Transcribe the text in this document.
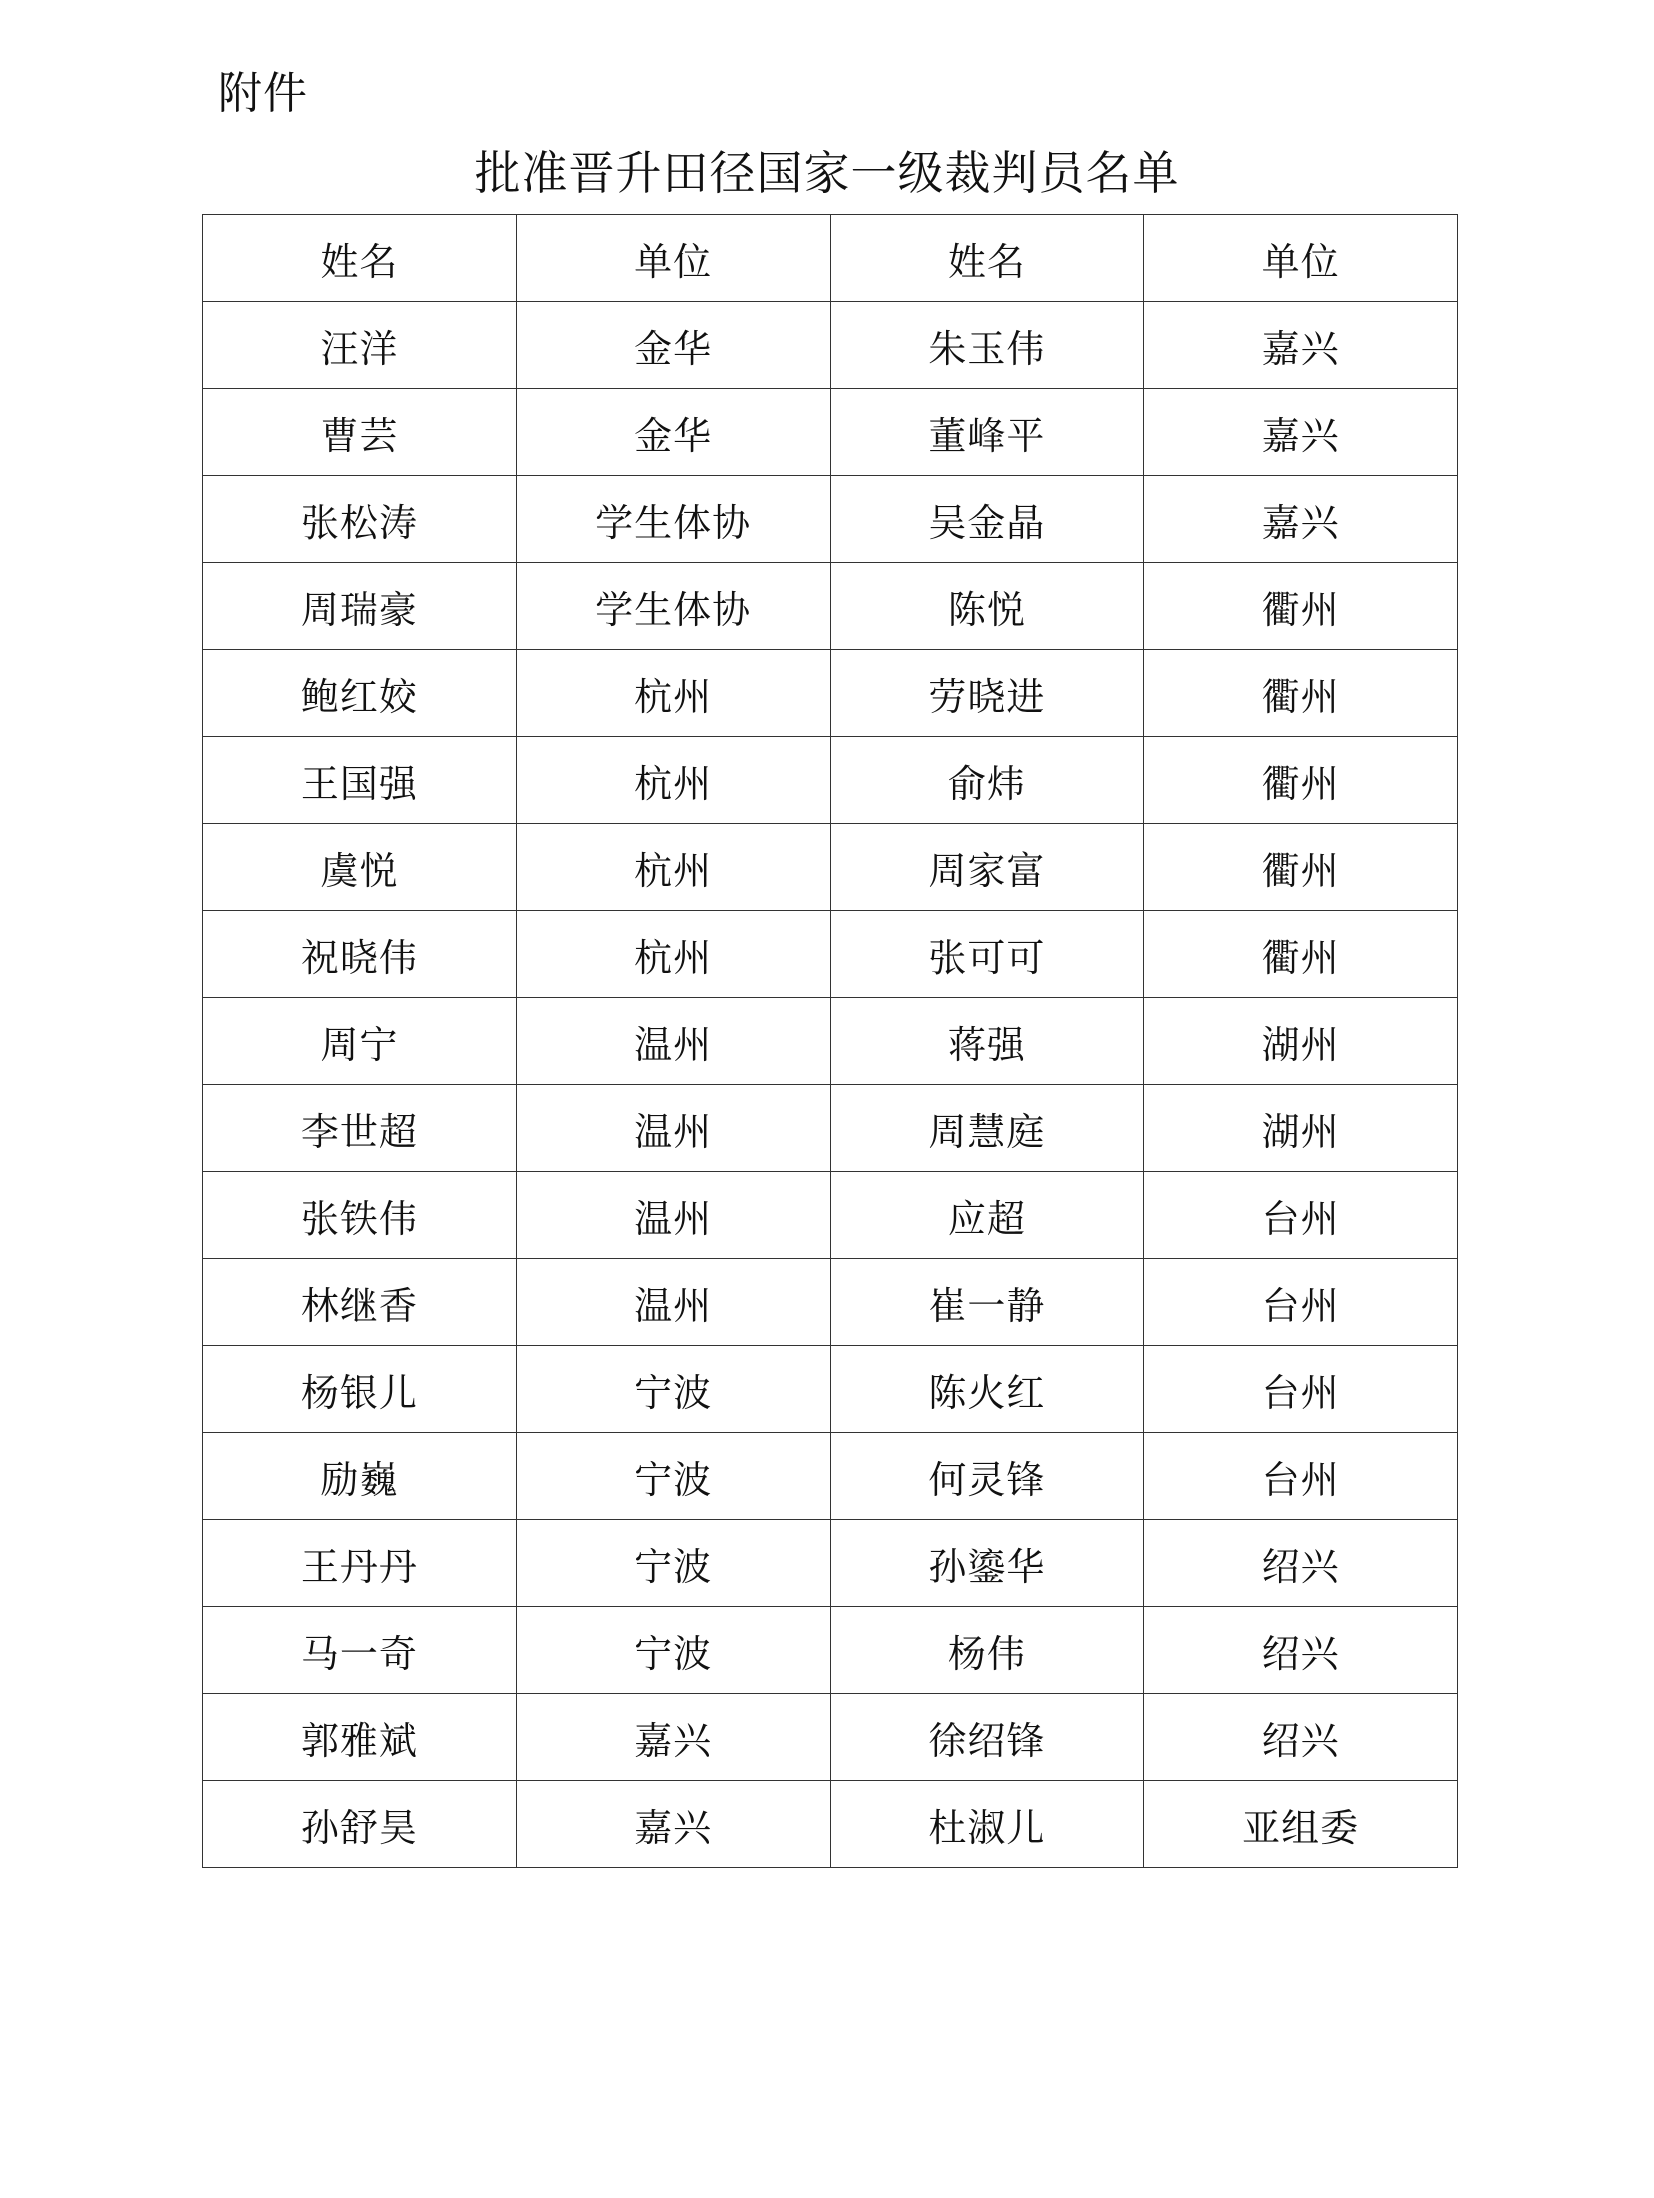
附件
批准晋升田径国家一级裁判员名单
姓名	单位	姓名	单位
汪洋	金华	朱玉伟	嘉兴
曹芸	金华	董峰平	嘉兴
张松涛	学生体协	吴金晶	嘉兴
周瑞豪	学生体协	陈悦	衢州
鲍红姣	杭州	劳晓进	衢州
王国强	杭州	俞炜	衢州
虞悦	杭州	周家富	衢州
祝晓伟	杭州	张可可	衢州
周宁	温州	蒋强	湖州
李世超	温州	周慧庭	湖州
张铁伟	温州	应超	台州
林继香	温州	崔一静	台州
杨银儿	宁波	陈火红	台州
励巍	宁波	何灵锋	台州
王丹丹	宁波	孙鎏华	绍兴
马一奇	宁波	杨伟	绍兴
郭雅斌	嘉兴	徐绍锋	绍兴
孙舒昊	嘉兴	杜淑儿	亚组委
